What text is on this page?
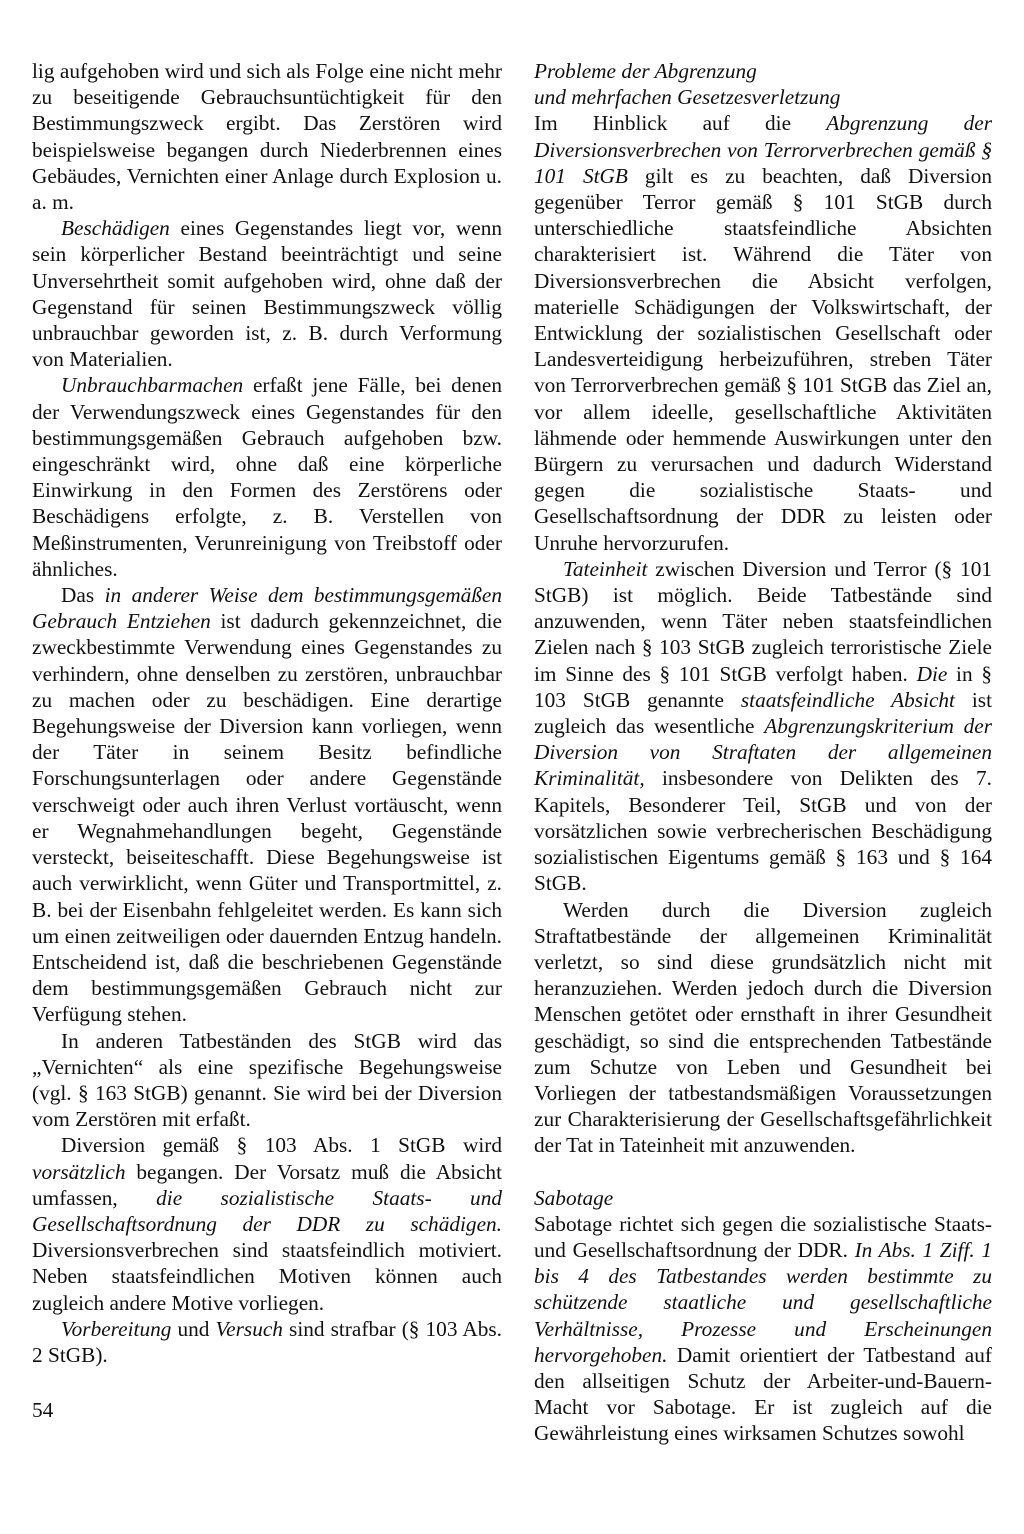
lig aufgehoben wird und sich als Folge eine nicht mehr zu beseitigende Gebrauchsuntüchtigkeit für den Bestimmungszweck ergibt. Das Zerstören wird beispielsweise begangen durch Niederbrennen eines Gebäudes, Vernichten einer Anlage durch Explosion u. a. m.

Beschädigen eines Gegenstandes liegt vor, wenn sein körperlicher Bestand beeinträchtigt und seine Unversehrtheit somit aufgehoben wird, ohne daß der Gegenstand für seinen Bestimmungszweck völlig unbrauchbar geworden ist, z. B. durch Verformung von Materialien.

Unbrauchbarmachen erfaßt jene Fälle, bei denen der Verwendungszweck eines Gegenstandes für den bestimmungsgemäßen Gebrauch aufgehoben bzw. eingeschränkt wird, ohne daß eine körperliche Einwirkung in den Formen des Zerstörens oder Beschädigens erfolgte, z. B. Verstellen von Meßinstrumenten, Verunreinigung von Treibstoff oder ähnliches.

Das in anderer Weise dem bestimmungsgemäßen Gebrauch Entziehen ist dadurch gekennzeichnet, die zweckbestimmte Verwendung eines Gegenstandes zu verhindern, ohne denselben zu zerstören, unbrauchbar zu machen oder zu beschädigen. Eine derartige Begehungsweise der Diversion kann vorliegen, wenn der Täter in seinem Besitz befindliche Forschungsunterlagen oder andere Gegenstände verschweigt oder auch ihren Verlust vortäuscht, wenn er Wegnahmehandlungen begeht, Gegenstände versteckt, beiseiteschafft. Diese Begehungsweise ist auch verwirklicht, wenn Güter und Transportmittel, z. B. bei der Eisenbahn fehlgeleitet werden. Es kann sich um einen zeitweiligen oder dauernden Entzug handeln. Entscheidend ist, daß die beschriebenen Gegenstände dem bestimmungsgemäßen Gebrauch nicht zur Verfügung stehen.

In anderen Tatbeständen des StGB wird das „Vernichten“ als eine spezifische Begehungsweise (vgl. § 163 StGB) genannt. Sie wird bei der Diversion vom Zerstören mit erfaßt.

Diversion gemäß § 103 Abs. 1 StGB wird vorsätzlich begangen. Der Vorsatz muß die Absicht umfassen, die sozialistische Staats- und Gesellschaftsordnung der DDR zu schädigen. Diversionsverbrechen sind staatsfeindlich motiviert. Neben staatsfeindlichen Motiven können auch zugleich andere Motive vorliegen.

Vorbereitung und Versuch sind strafbar (§ 103 Abs. 2 StGB).

Probleme der Abgrenzung
und mehrfachen Gesetzesverletzung

Im Hinblick auf die Abgrenzung der Diversionsverbrechen von Terrorverbrechen gemäß § 101 StGB gilt es zu beachten, daß Diversion gegenüber Terror gemäß § 101 StGB durch unterschiedliche staatsfeindliche Absichten charakterisiert ist. Während die Täter von Diversionsverbrechen die Absicht verfolgen, materielle Schädigungen der Volkswirtschaft, der Entwicklung der sozialistischen Gesellschaft oder Landesverteidigung herbeizuführen, streben Täter von Terrorverbrechen gemäß § 101 StGB das Ziel an, vor allem ideelle, gesellschaftliche Aktivitäten lähmende oder hemmende Auswirkungen unter den Bürgern zu verursachen und dadurch Widerstand gegen die sozialistische Staats- und Gesellschaftsordnung der DDR zu leisten oder Unruhe hervorzurufen.

Tateinheit zwischen Diversion und Terror (§ 101 StGB) ist möglich. Beide Tatbestände sind anzuwenden, wenn Täter neben staatsfeindlichen Zielen nach § 103 StGB zugleich terroristische Ziele im Sinne des § 101 StGB verfolgt haben. Die in § 103 StGB genannte staatsfeindliche Absicht ist zugleich das wesentliche Abgrenzungskriterium der Diversion von Straftaten der allgemeinen Kriminalität, insbesondere von Delikten des 7. Kapitels, Besonderer Teil, StGB und von der vorsätzlichen sowie verbrecherischen Beschädigung sozialistischen Eigentums gemäß § 163 und § 164 StGB.

Werden durch die Diversion zugleich Straftatbestände der allgemeinen Kriminalität verletzt, so sind diese grundsätzlich nicht mit heranzuziehen. Werden jedoch durch die Diversion Menschen getötet oder ernsthaft in ihrer Gesundheit geschädigt, so sind die entsprechenden Tatbestände zum Schutze von Leben und Gesundheit bei Vorliegen der tatbestandsmäßigen Voraussetzungen zur Charakterisierung der Gesellschaftsgefährlichkeit der Tat in Tateinheit mit anzuwenden.

Sabotage

Sabotage richtet sich gegen die sozialistische Staats- und Gesellschaftsordnung der DDR. In Abs. 1 Ziff. 1 bis 4 des Tatbestandes werden bestimmte zu schützende staatliche und gesellschaftliche Verhältnisse, Prozesse und Erscheinungen hervorgehoben. Damit orientiert der Tatbestand auf den allseitigen Schutz der Arbeiter-und-Bauern-Macht vor Sabotage. Er ist zugleich auf die Gewährleistung eines wirksamen Schutzes sowohl

54
